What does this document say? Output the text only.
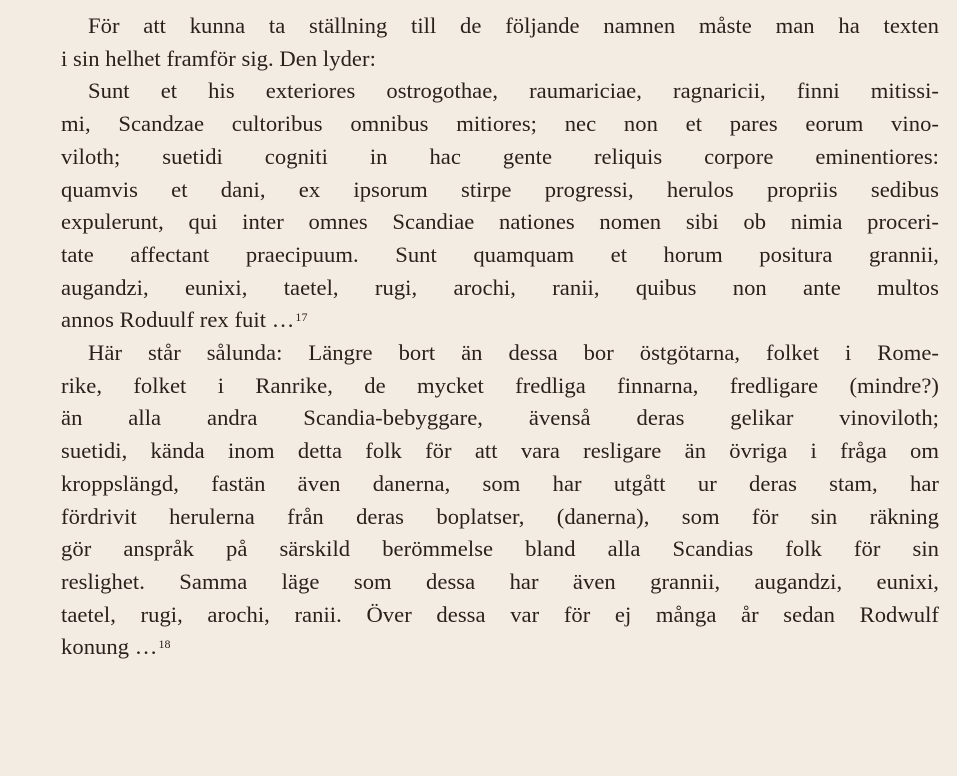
För att kunna ta ställning till de följande namnen måste man ha texten
i sin helhet framför sig. Den lyder:

Sunt et his exteriores ostrogothae, raumariciae, ragnaricii, finni mitissi-
mi, Scandzae cultoribus omnibus mitiores; nec non et pares eorum vino-
viloth; suetidi cogniti in hac gente reliquis corpore eminentiores:
quamvis et dani, ex ipsorum stirpe progressi, herulos propriis sedibus
expulerunt, qui inter omnes Scandiae nationes nomen sibi ob nimia proceri-
tate affectant praecipuum. Sunt quamquam et horum positura grannii,
augandzi, eunixi, taetel, rugi, arochi, ranii, quibus non ante multos
annos Roduulf rex fuit …$^{17}$

Här står sålunda: Längre bort än dessa bor östgötarna, folket i Rome-
rike, folket i Ranrike, de mycket fredliga finnarna, fredligare (mindre?)
än alla andra Scandia-bebyggare, ävenså deras gelikar vinoviloth;
suetidi, kända inom detta folk för att vara resligare än övriga i fråga om
kroppslängd, fastän även danerna, som har utgått ur deras stam, har
fördrivit herulerna från deras boplatser, (danerna), som för sin räkning
gör anspråk på särskild berömmelse bland alla Scandias folk för sin
reslighet. Samma läge som dessa har även grannii, augandzi, eunixi,
taetel, rugi, arochi, ranii. Över dessa var för ej många år sedan Rodwulf
konung …$^{18}$
